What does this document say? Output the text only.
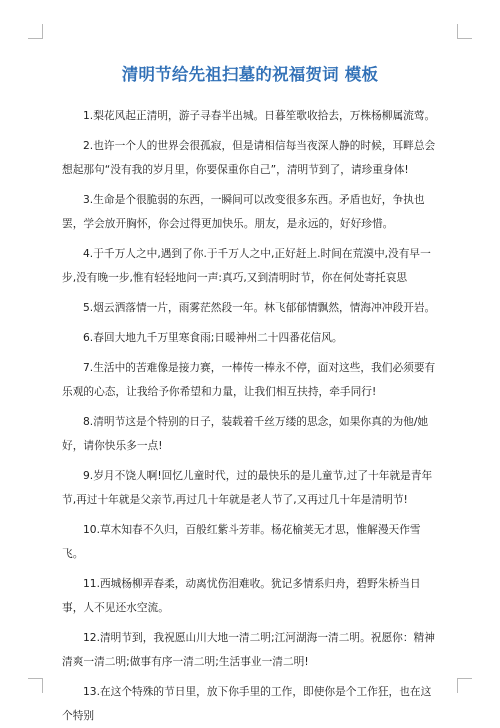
清明节给先祖扫墓的祝福贺词 模板

1.梨花风起正清明，游子寻春半出城。日暮笙歌收拾去，万株杨柳属流莺。

2.也许一个人的世界会很孤寂，但是请相信每当夜深人静的时候，耳畔总会想起那句“没有我的岁月里，你要保重你自己”，清明节到了，请珍重身体!

3.生命是个很脆弱的东西，一瞬间可以改变很多东西。矛盾也好，争执也罢，学会放开胸怀，你会过得更加快乐。朋友，是永远的，好好珍惜。

4.于千万人之中,遇到了你.于千万人之中,正好赶上.时间在荒漠中,没有早一步,没有晚一步,惟有轻轻地问一声:真巧,又到清明时节，你在何处寄托哀思

5.烟云洒落情一片，雨雾茫然段一年。林飞郁郁情飘然，情海冲冲段开岩。

6.春回大地九千万里寒食雨;日暖神州二十四番花信风。

7.生活中的苦难像是接力赛，一棒传一棒永不停，面对这些，我们必须要有乐观的心态，让我给予你希望和力量，让我们相互扶持，牵手同行!

8.清明节这是个特别的日子，装载着千丝万缕的思念，如果你真的为他/她好，请你快乐多一点!

9.岁月不饶人啊!回忆儿童时代，过的最快乐的是儿童节,过了十年就是青年节,再过十年就是父亲节,再过几十年就是老人节了,又再过几十年是清明节!

10.草木知春不久归，百般红紫斗芳菲。杨花榆荚无才思，惟解漫天作雪飞。

11.西城杨柳弄春柔，动离忧伤泪难收。犹记多情系归舟，碧野朱桥当日事，人不见还水空流。

12.清明节到，我祝愿山川大地一清二明;江河湖海一清二明。祝愿你：精神清爽一清二明;做事有序一清二明;生活事业一清二明!

13.在这个特殊的节日里，放下你手里的工作，即使你是个工作狂，也在这个特别
